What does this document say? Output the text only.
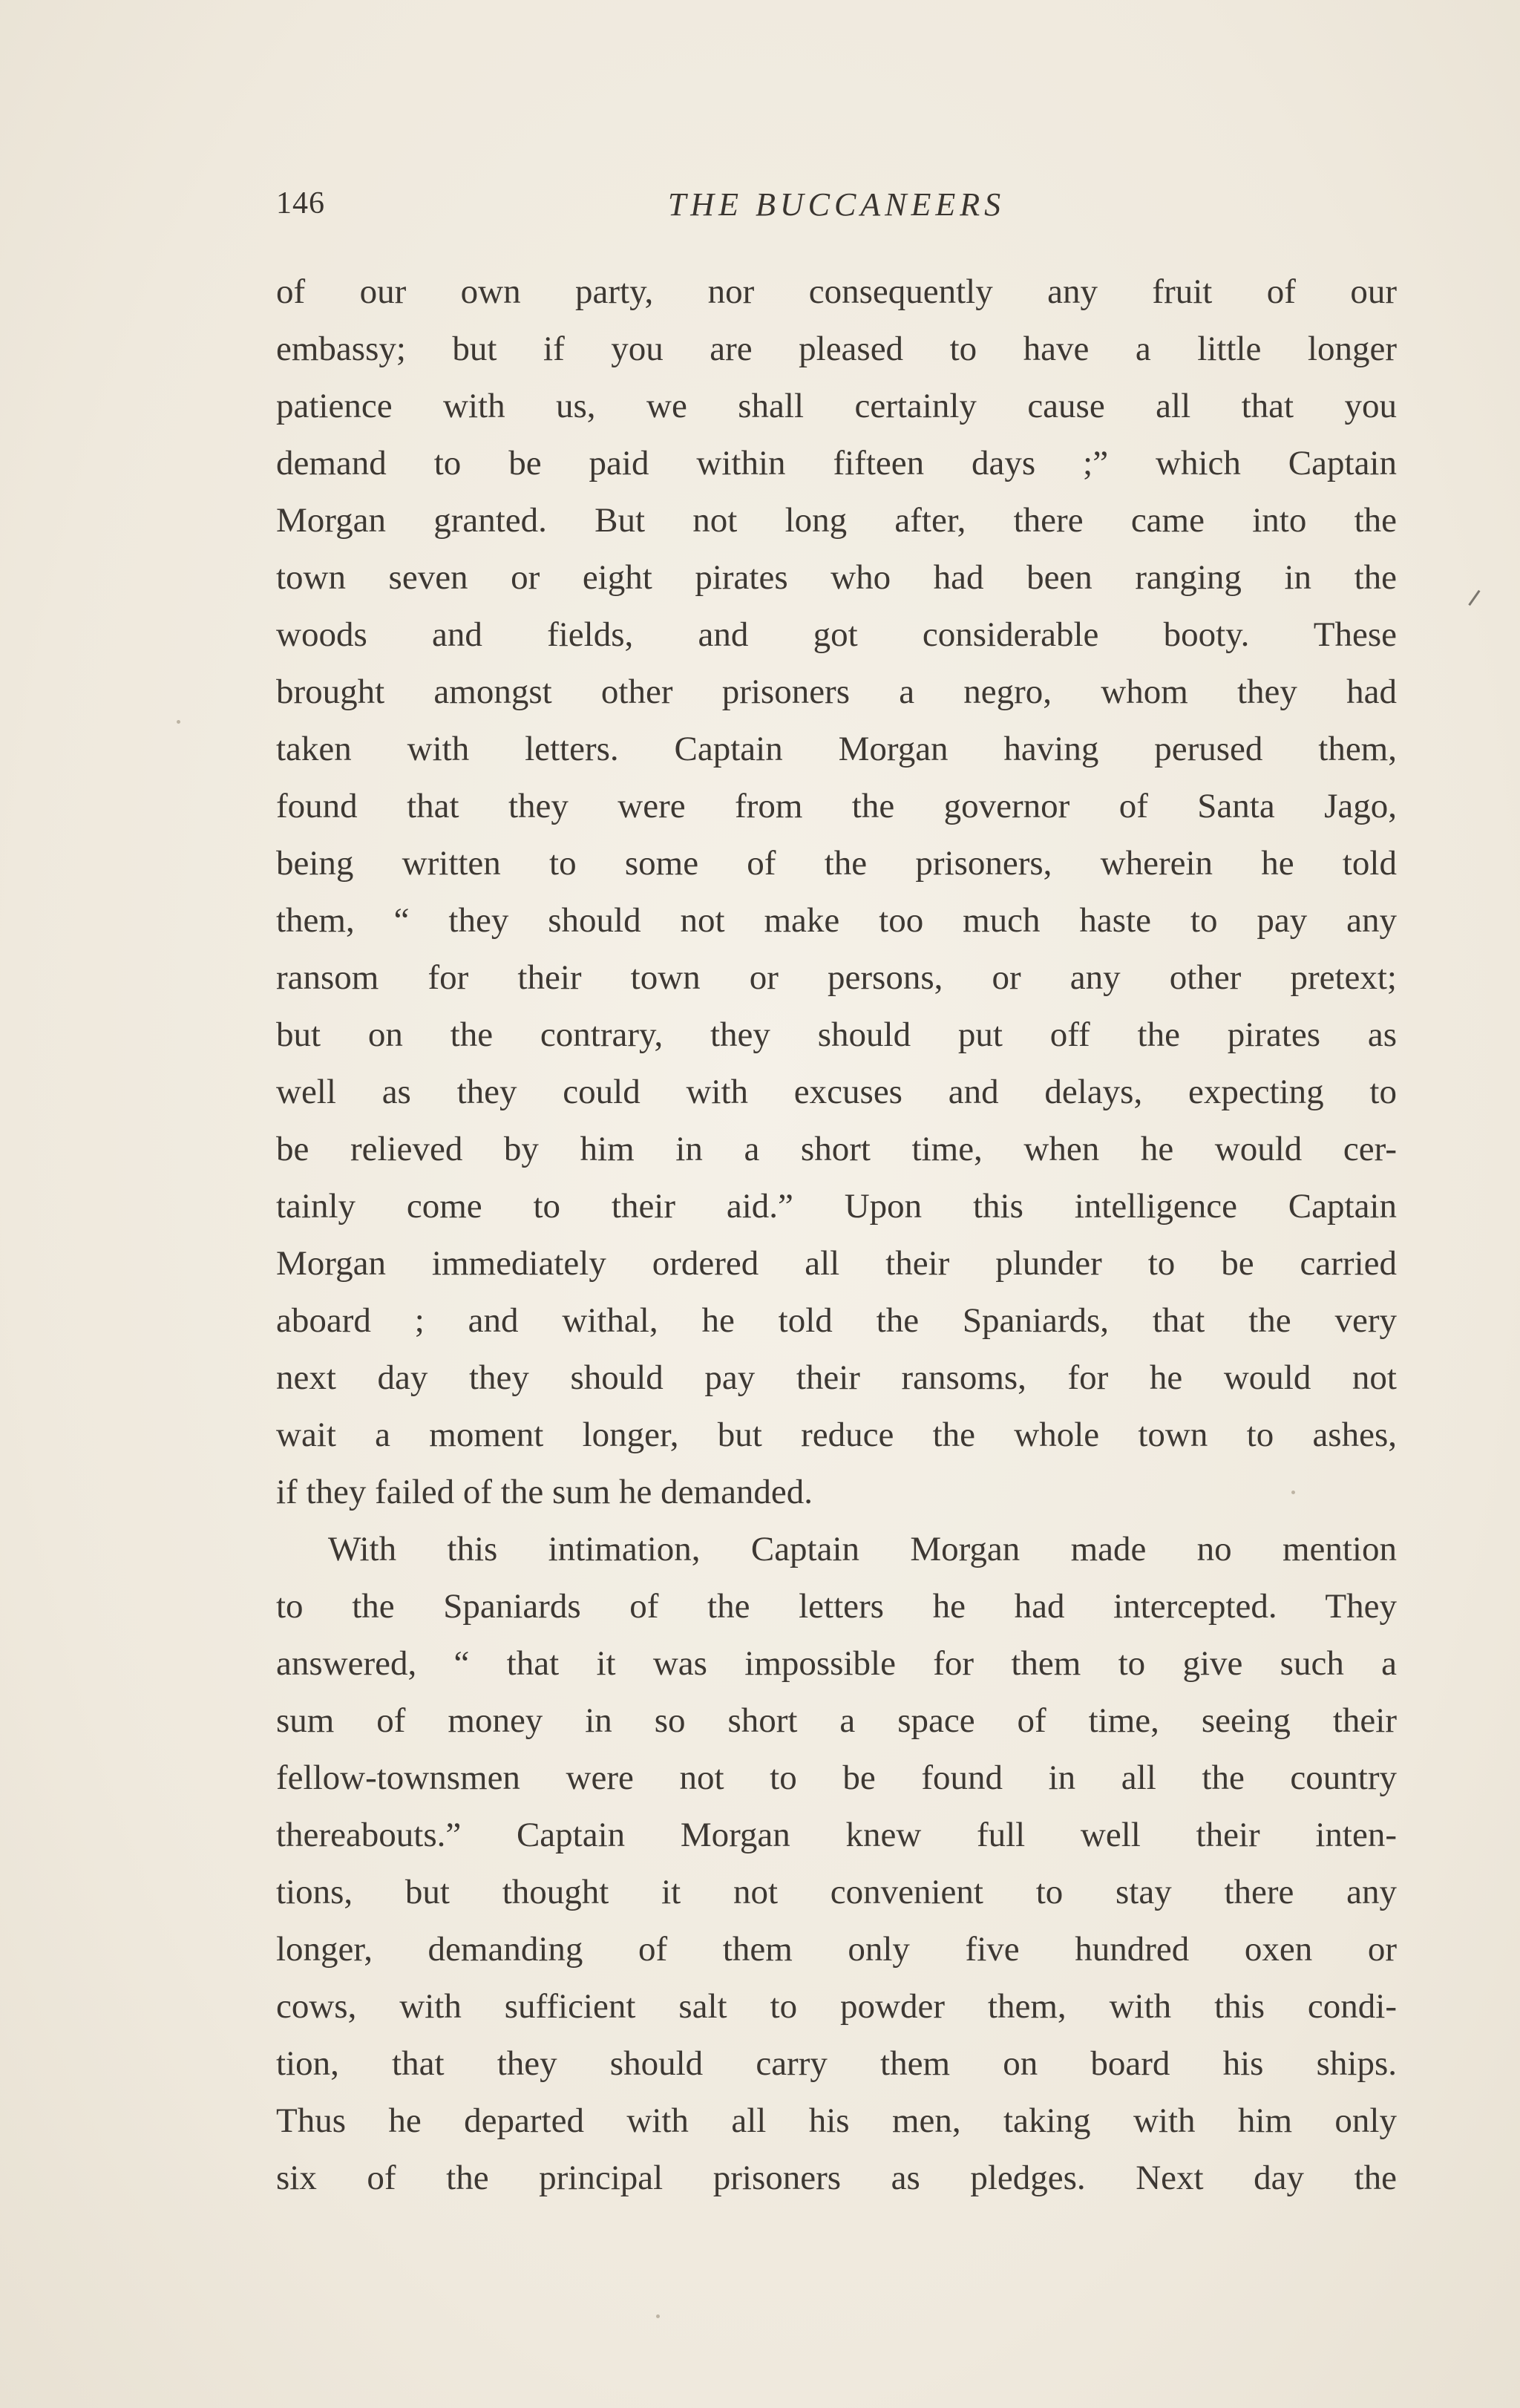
146	THE BUCCANEERS
of our own party, nor consequently any fruit of our
embassy; but if you are pleased to have a little longer
patience with us, we shall certainly cause all that you
demand to be paid within fifteen days ;” which Captain
Morgan granted. But not long after, there came into the
town seven or eight pirates who had been ranging in the
woods and fields, and got considerable booty. These
brought amongst other prisoners a negro, whom they had
taken with letters. Captain Morgan having perused them,
found that they were from the governor of Santa Jago,
being written to some of the prisoners, wherein he told
them, “ they should not make too much haste to pay any
ransom for their town or persons, or any other pretext;
but on the contrary, they should put off the pirates as
well as they could with excuses and delays, expecting to
be relieved by him in a short time, when he would cer-
tainly come to their aid.” Upon this intelligence Captain
Morgan immediately ordered all their plunder to be carried
aboard ; and withal, he told the Spaniards, that the very
next day they should pay their ransoms, for he would not
wait a moment longer, but reduce the whole town to ashes,
if they failed of the sum he demanded.
With this intimation, Captain Morgan made no mention
to the Spaniards of the letters he had intercepted. They
answered, “ that it was impossible for them to give such a
sum of money in so short a space of time, seeing their
fellow-townsmen were not to be found in all the country
thereabouts.” Captain Morgan knew full well their inten-
tions, but thought it not convenient to stay there any
longer, demanding of them only five hundred oxen or
cows, with sufficient salt to powder them, with this condi-
tion, that they should carry them on board his ships.
Thus he departed with all his men, taking with him only
six of the principal prisoners as pledges. Next day the
